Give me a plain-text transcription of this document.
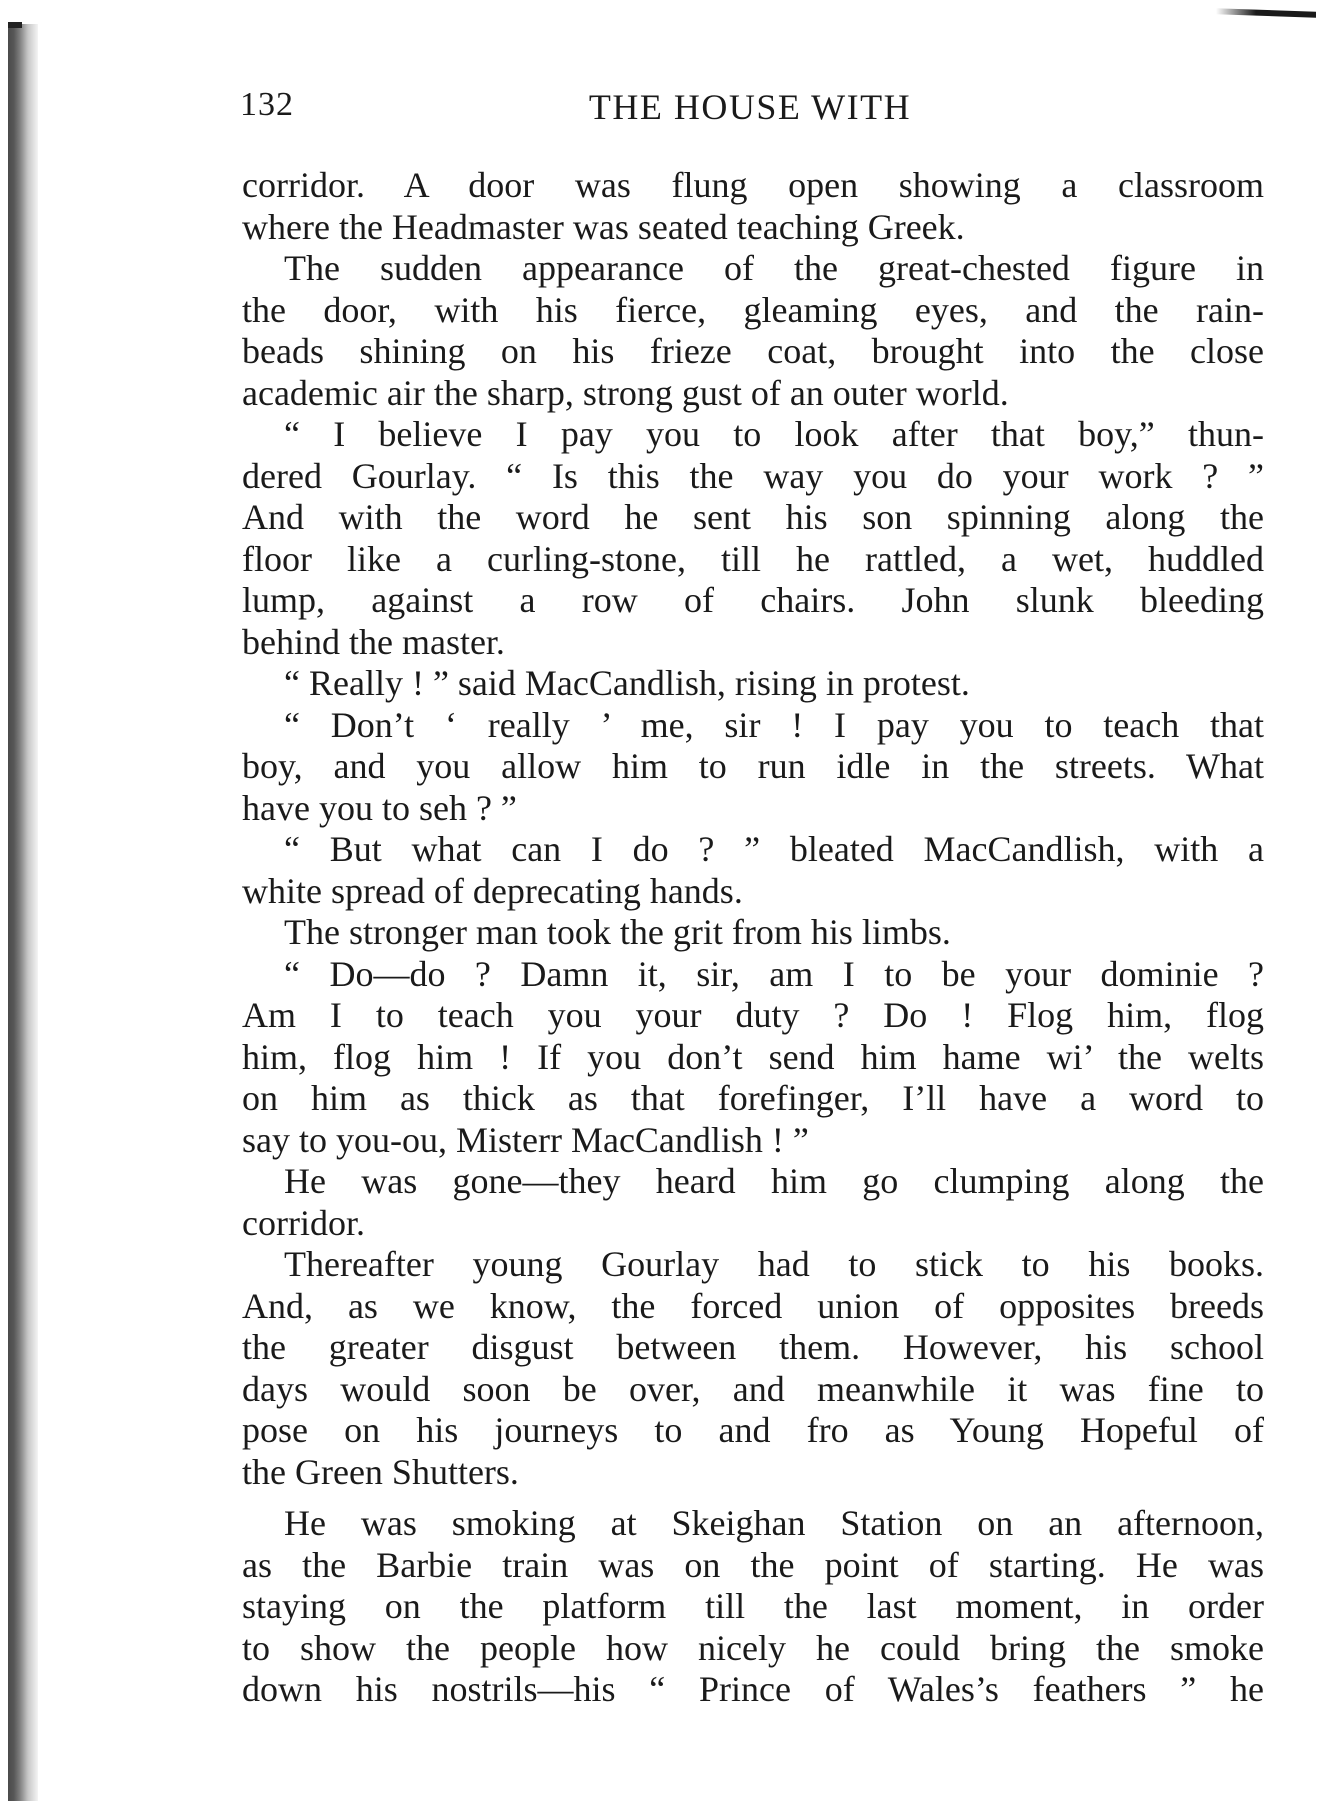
132	THE HOUSE WITH
corridor. A door was flung open showing a classroom
where the Headmaster was seated teaching Greek.
The sudden appearance of the great-chested figure in
the door, with his fierce, gleaming eyes, and the rain-
beads shining on his frieze coat, brought into the close
academic air the sharp, strong gust of an outer world.
“ I believe I pay you to look after that boy,” thun-
dered Gourlay. “ Is this the way you do your work ? ”
And with the word he sent his son spinning along the
floor like a curling-stone, till he rattled, a wet, huddled
lump, against a row of chairs. John slunk bleeding
behind the master.
“ Really ! ” said MacCandlish, rising in protest.
“ Don’t ‘ really ’ me, sir ! I pay you to teach that
boy, and you allow him to run idle in the streets. What
have you to seh ? ”
“ But what can I do ? ” bleated MacCandlish, with a
white spread of deprecating hands.
The stronger man took the grit from his limbs.
“ Do—do ? Damn it, sir, am I to be your dominie ?
Am I to teach you your duty ? Do ! Flog him, flog
him, flog him ! If you don’t send him hame wi’ the welts
on him as thick as that forefinger, I’ll have a word to
say to you-ou, Misterr MacCandlish ! ”
He was gone—they heard him go clumping along the
corridor.
Thereafter young Gourlay had to stick to his books.
And, as we know, the forced union of opposites breeds
the greater disgust between them. However, his school
days would soon be over, and meanwhile it was fine to
pose on his journeys to and fro as Young Hopeful of
the Green Shutters.
He was smoking at Skeighan Station on an afternoon,
as the Barbie train was on the point of starting. He was
staying on the platform till the last moment, in order
to show the people how nicely he could bring the smoke
down his nostrils—his “ Prince of Wales’s feathers ” he
